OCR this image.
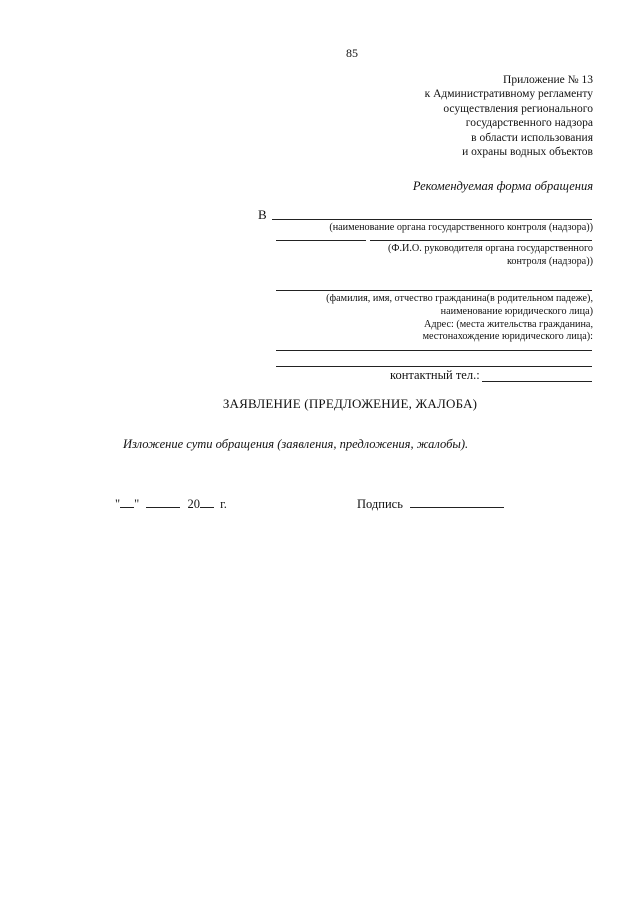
85
Приложение № 13
к Административному регламенту
осуществления регионального
государственного надзора
в области использования
и охраны водных объектов
Рекомендуемая форма обращения
В
(наименование органа государственного контроля (надзора))
(Ф.И.О. руководителя органа государственного
контроля (надзора))
(фамилия, имя, отчество гражданина(в родительном падеже),
наименование юридического лица)
Адрес: (места жительства гражданина,
местонахождение юридического лица):
контактный тел.:
ЗАЯВЛЕНИЕ (ПРЕДЛОЖЕНИЕ, ЖАЛОБА)
Изложение сути обращения (заявления, предложения, жалобы).
" "	20 г.	Подпись
